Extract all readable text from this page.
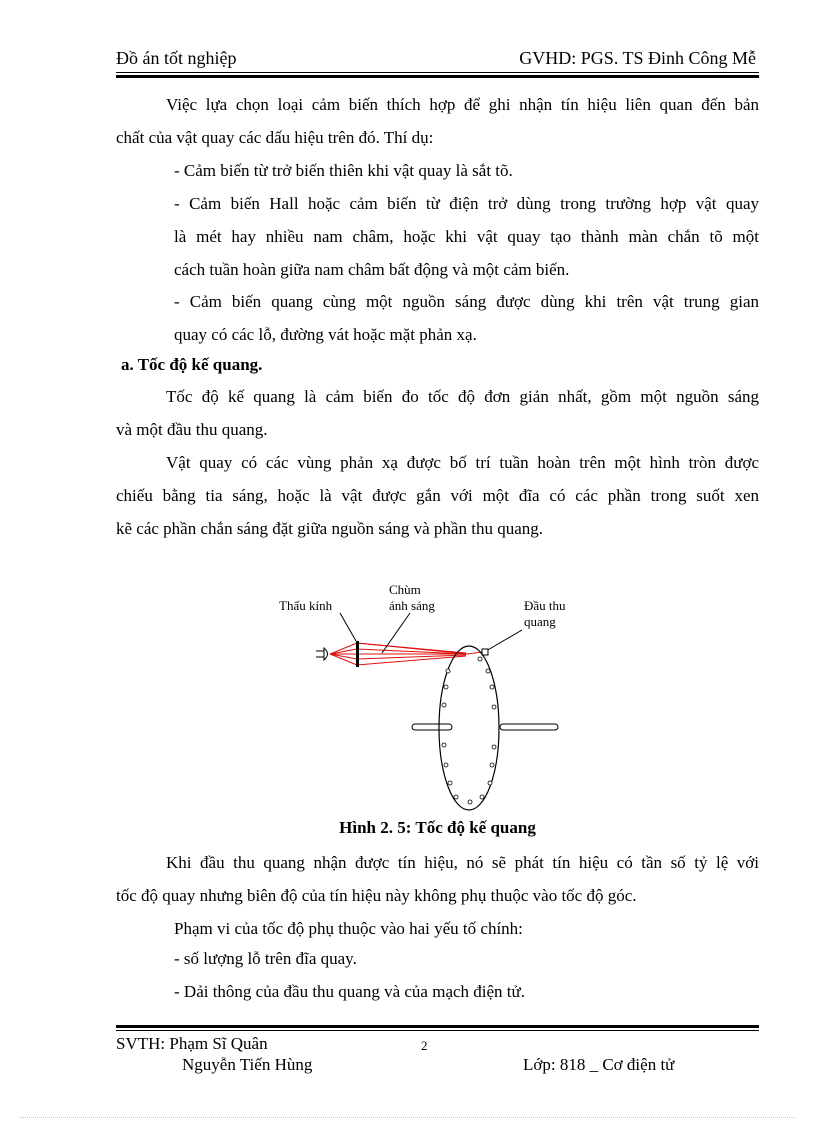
Đồ án tốt nghiệp	GVHD: PGS. TS Đinh Công Mễ
Việc lựa chọn loại cảm biến thích hợp để ghi nhận tín hiệu liên quan đến bản
chất của vật quay các dấu hiệu trên đó. Thí dụ:
- Cảm biến từ trở biến thiên khi vật quay là sắt tõ.
- Cảm biến Hall hoặc cảm biến từ điện trở dùng trong trường hợp vật quay
là mét hay nhiều nam châm, hoặc khi vật quay tạo thành màn chắn tõ một
cách tuần hoàn giữa nam châm bất động và một cảm biến.
- Cảm biến quang cùng một nguồn sáng được dùng khi trên vật trung gian
quay có các lỗ, đường vát hoặc mặt phản xạ.
a. Tốc độ kế quang.
Tốc độ kế quang là cảm biến đo tốc độ đơn giản nhất, gồm một nguồn sáng
và một đầu thu quang.
Vật quay có các vùng phản xạ được bố trí tuần hoàn trên một hình tròn được
chiếu bằng tia sáng, hoặc là vật được gắn với một đĩa có các phần trong suốt xen
kẽ các phần chắn sáng đặt giữa nguồn sáng và phần thu quang.
Thấu kính
Chùm
ánh sáng	Đầu thu
quang
Hình 2. 5: Tốc độ kế quang
Khi đầu thu quang nhận được tín hiệu, nó sẽ phát tín hiệu có tần số tỷ lệ với
tốc độ quay nhưng biên độ của tín hiệu này không phụ thuộc vào tốc độ góc.
Phạm vi của tốc độ phụ thuộc vào hai yếu tố chính:
- số lượng lỗ trên đĩa quay.
- Dải thông của đầu thu quang và của mạch điện tử.
SVTH: Phạm Sĩ Quân
Nguyễn Tiến Hùng
2
Lớp: 818 _ Cơ điện tử
